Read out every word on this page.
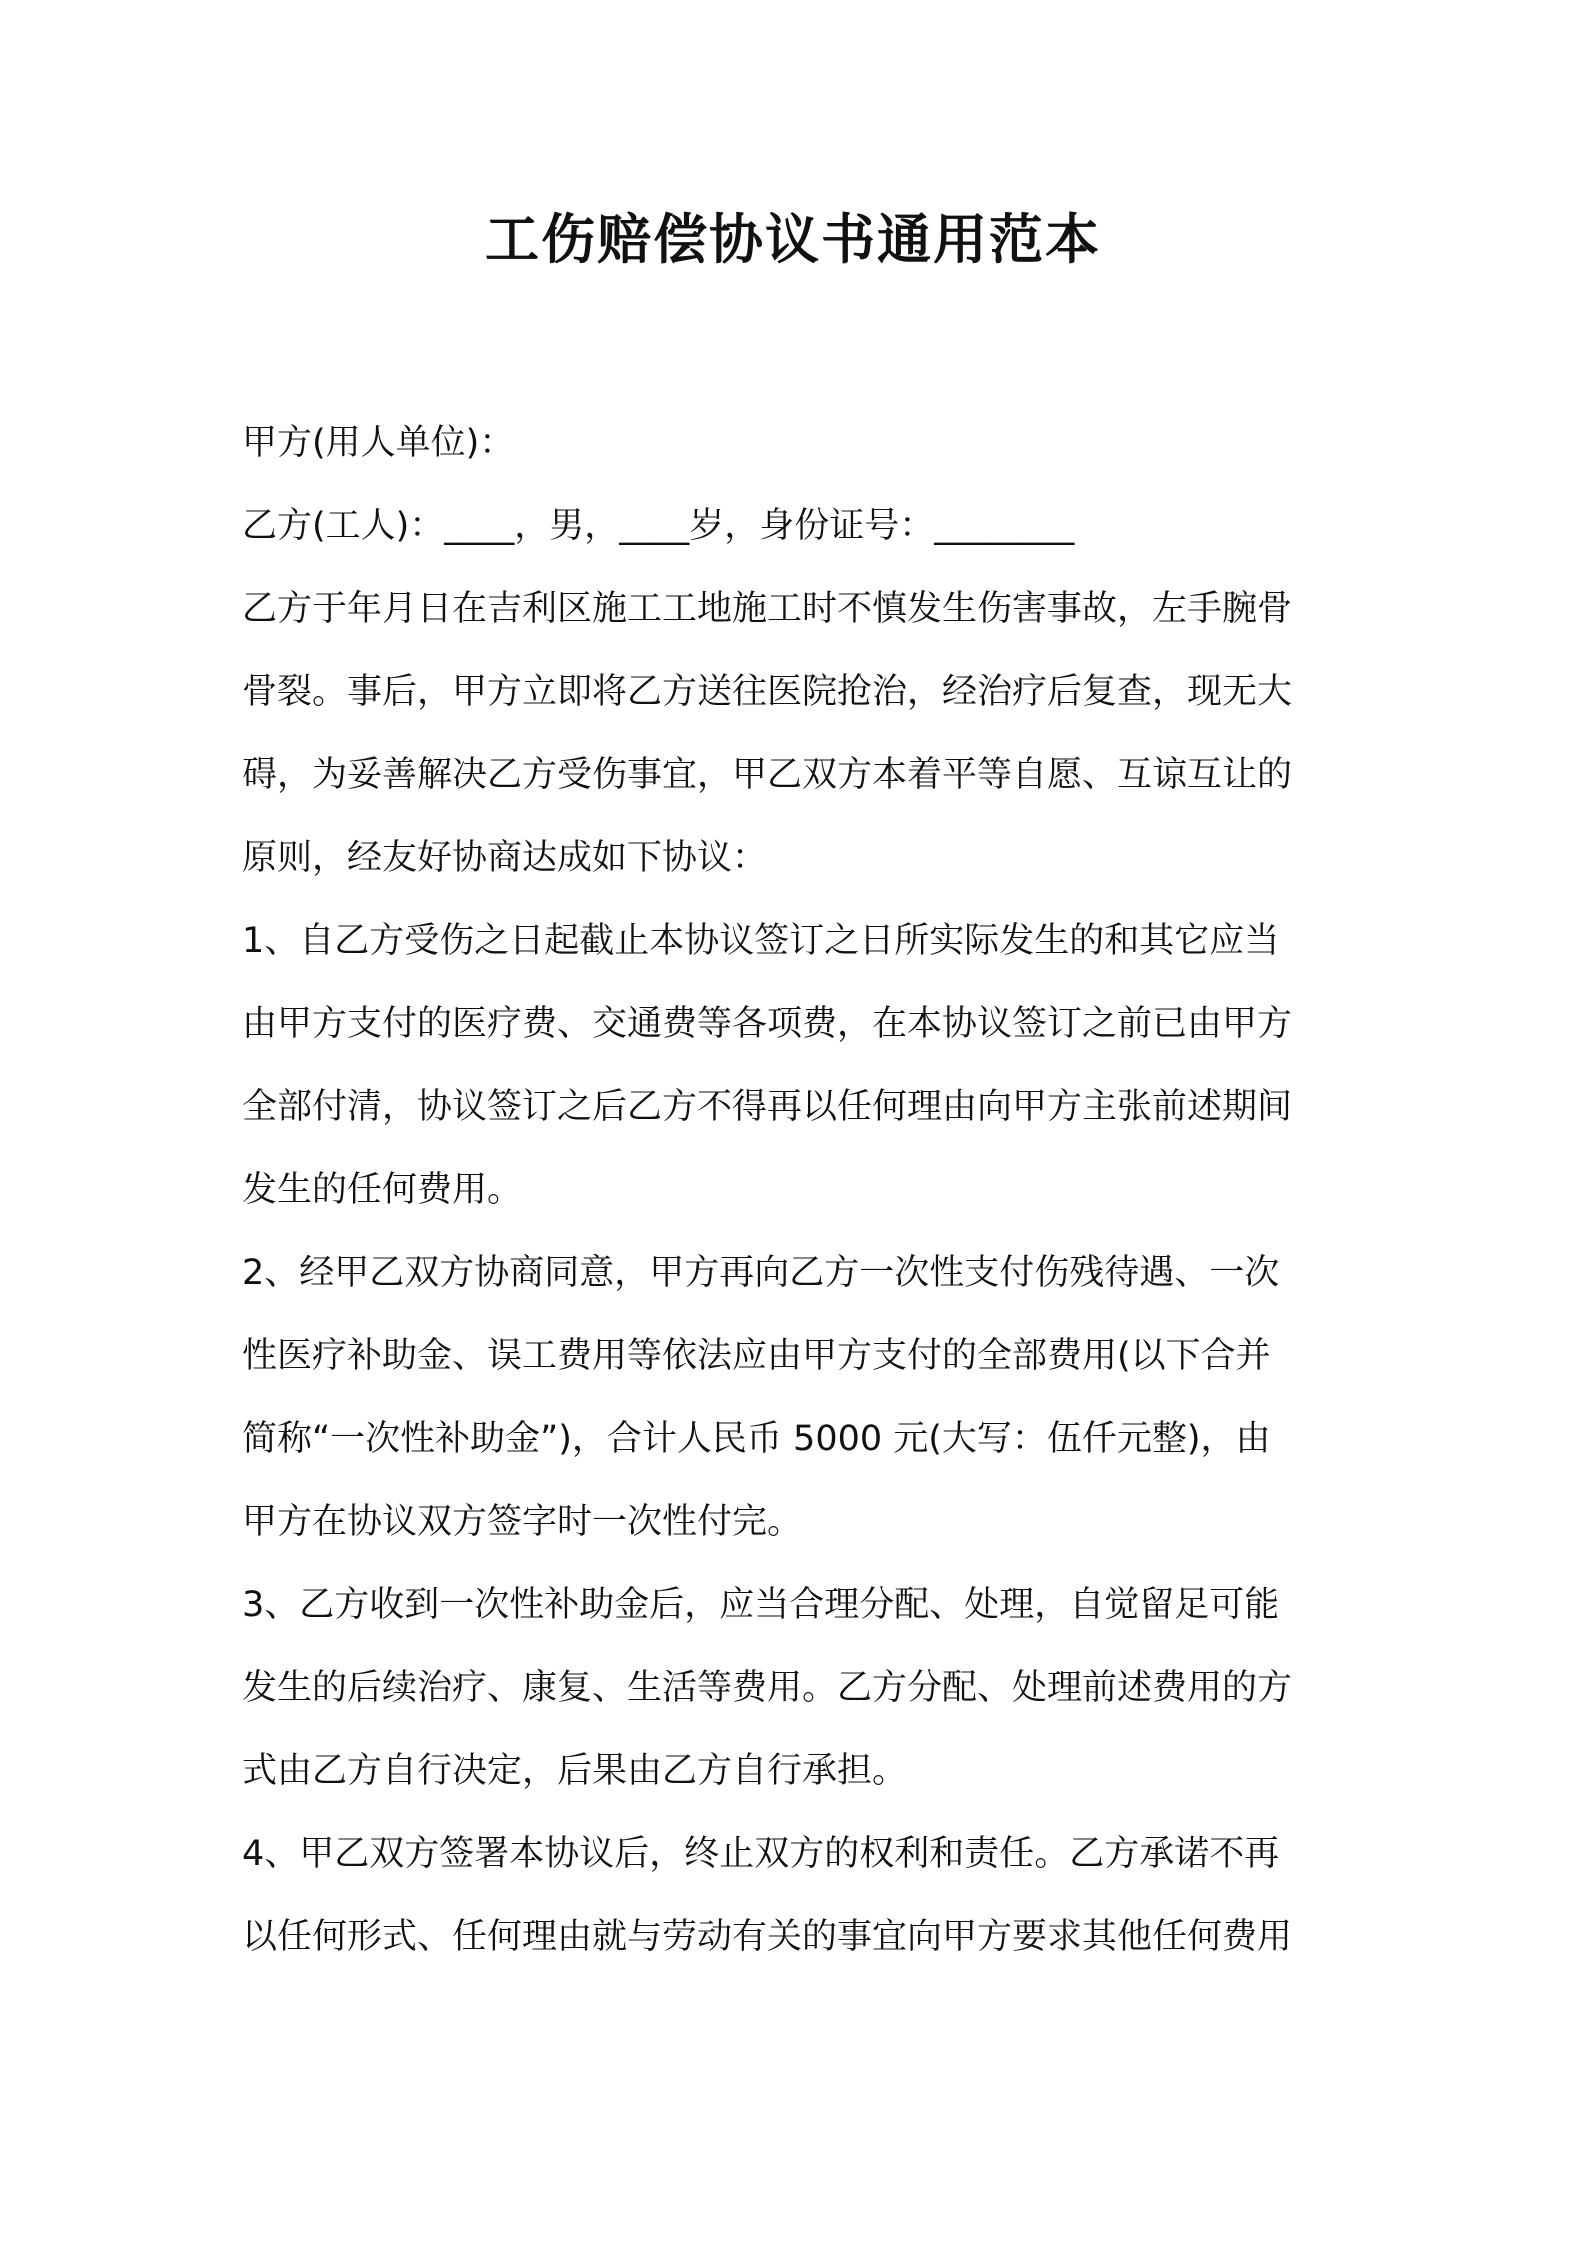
工伤赔偿协议书通用范本
甲方(用人单位)：
乙方(工人)：____，男，____岁，身份证号：________
乙方于年月日在吉利区施工工地施工时不慎发生伤害事故，左手腕骨
骨裂。事后，甲方立即将乙方送往医院抢治，经治疗后复查，现无大
碍，为妥善解决乙方受伤事宜，甲乙双方本着平等自愿、互谅互让的
原则，经友好协商达成如下协议：
1、自乙方受伤之日起截止本协议签订之日所实际发生的和其它应当
由甲方支付的医疗费、交通费等各项费，在本协议签订之前已由甲方
全部付清，协议签订之后乙方不得再以任何理由向甲方主张前述期间
发生的任何费用。
2、经甲乙双方协商同意，甲方再向乙方一次性支付伤残待遇、一次
性医疗补助金、误工费用等依法应由甲方支付的全部费用(以下合并
简称“一次性补助金”)，合计人民币 5000 元(大写：伍仟元整)，由
甲方在协议双方签字时一次性付完。
3、乙方收到一次性补助金后，应当合理分配、处理，自觉留足可能
发生的后续治疗、康复、生活等费用。乙方分配、处理前述费用的方
式由乙方自行决定，后果由乙方自行承担。
4、甲乙双方签署本协议后，终止双方的权利和责任。乙方承诺不再
以任何形式、任何理由就与劳动有关的事宜向甲方要求其他任何费用
